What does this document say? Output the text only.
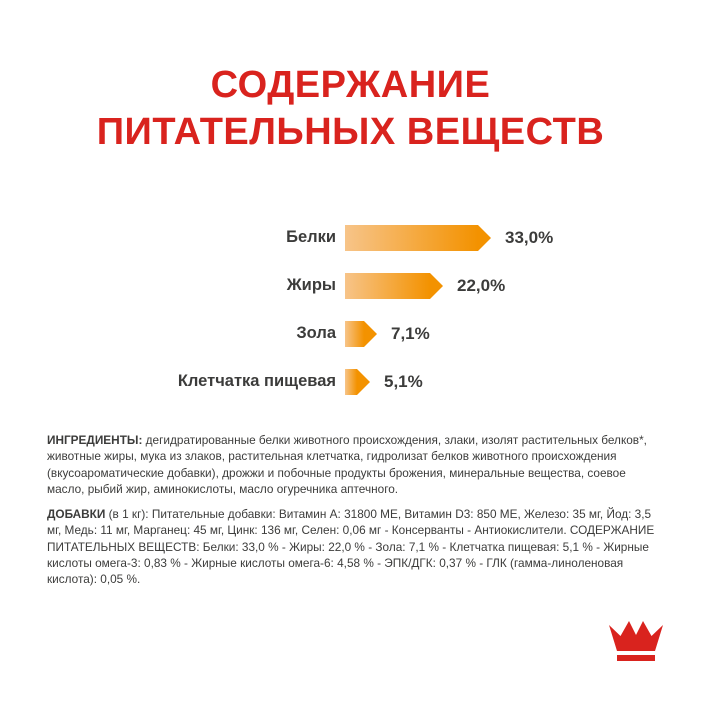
СОДЕРЖАНИЕ
ПИТАТЕЛЬНЫХ ВЕЩЕСТВ
Белки	33,0%
Жиры	22,0%
Зола	7,1%
Клетчатка пищевая	5,1%

ИНГРЕДИЕНТЫ: дегидратированные белки животного происхождения, злаки, изолят растительных белков*, животные жиры, мука из злаков, растительная клетчатка, гидролизат белков животного происхождения (вкусоароматические добавки), дрожжи и побочные продукты брожения, минеральные вещества, соевое масло, рыбий жир, аминокислоты, масло огуречника аптечного.

ДОБАВКИ (в 1 кг): Питательные добавки: Витамин А: 31800 МЕ, Витамин D3: 850 МЕ, Железо: 35 мг, Йод: 3,5 мг, Медь: 11 мг, Марганец: 45 мг, Цинк: 136 мг, Селен: 0,06 мг - Консерванты - Антиокислители. СОДЕРЖАНИЕ ПИТАТЕЛЬНЫХ ВЕЩЕСТВ: Белки: 33,0 % - Жиры: 22,0 % - Зола: 7,1 % - Клетчатка пищевая: 5,1 % - Жирные кислоты омега-3: 0,83 % - Жирные кислоты омега-6: 4,58 % - ЭПК/ДГК: 0,37 % - ГЛК (гамма-линоленовая кислота): 0,05 %.
